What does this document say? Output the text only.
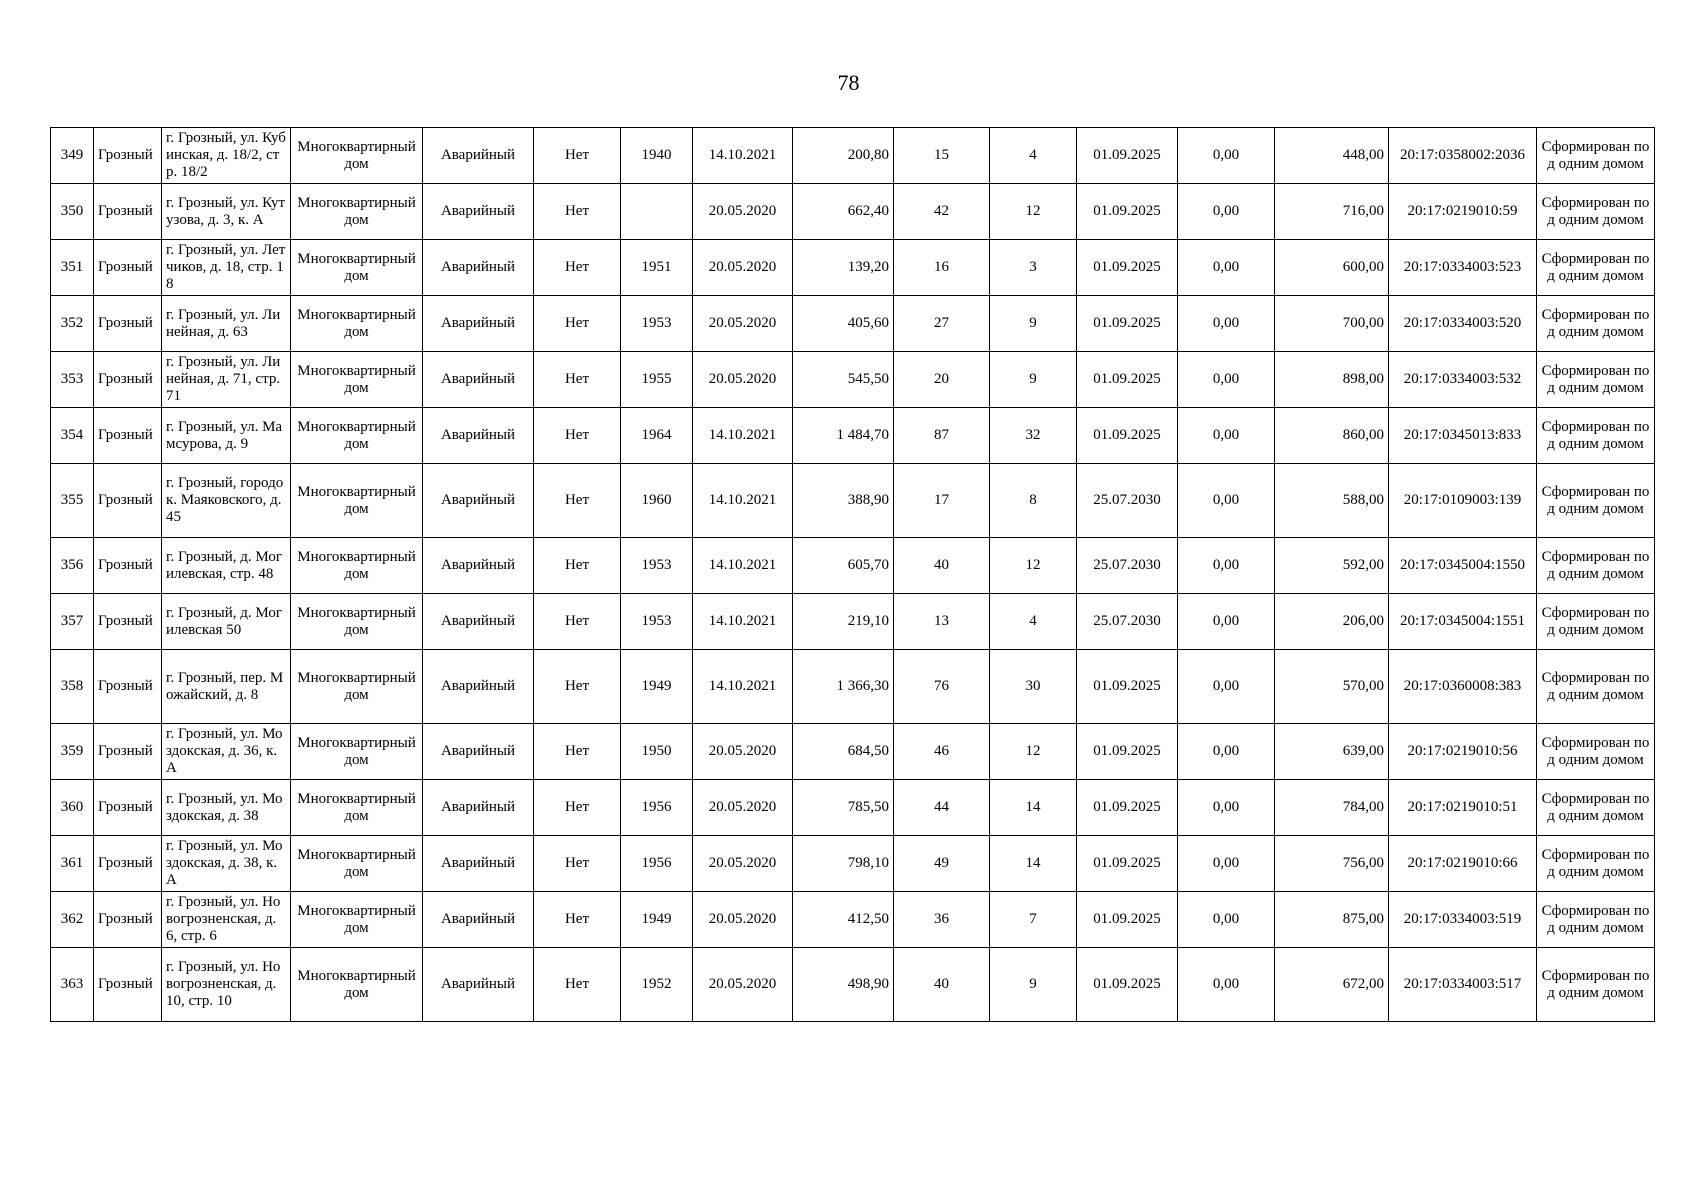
78
349	Грозный	г. Грозный, ул. Кубинская, д. 18/2, стр. 18/2	Многоквартирный дом	Аварийный	Нет	1940	14.10.2021	200,80	15	4	01.09.2025	0,00	448,00	20:17:0358002:2036	Сформирован под одним домом
350	Грозный	г. Грозный, ул. Кутузова, д. 3, к. А	Многоквартирный дом	Аварийный	Нет		20.05.2020	662,40	42	12	01.09.2025	0,00	716,00	20:17:0219010:59	Сформирован под одним домом
351	Грозный	г. Грозный, ул. Летчиков, д. 18, стр. 18	Многоквартирный дом	Аварийный	Нет	1951	20.05.2020	139,20	16	3	01.09.2025	0,00	600,00	20:17:0334003:523	Сформирован под одним домом
352	Грозный	г. Грозный, ул. Линейная, д. 63	Многоквартирный дом	Аварийный	Нет	1953	20.05.2020	405,60	27	9	01.09.2025	0,00	700,00	20:17:0334003:520	Сформирован под одним домом
353	Грозный	г. Грозный, ул. Линейная, д. 71, стр. 71	Многоквартирный дом	Аварийный	Нет	1955	20.05.2020	545,50	20	9	01.09.2025	0,00	898,00	20:17:0334003:532	Сформирован под одним домом
354	Грозный	г. Грозный, ул. Мамсурова, д. 9	Многоквартирный дом	Аварийный	Нет	1964	14.10.2021	1 484,70	87	32	01.09.2025	0,00	860,00	20:17:0345013:833	Сформирован под одним домом
355	Грозный	г. Грозный, городок. Маяковского, д. 45	Многоквартирный дом	Аварийный	Нет	1960	14.10.2021	388,90	17	8	25.07.2030	0,00	588,00	20:17:0109003:139	Сформирован под одним домом
356	Грозный	г. Грозный, д. Могилевская, стр. 48	Многоквартирный дом	Аварийный	Нет	1953	14.10.2021	605,70	40	12	25.07.2030	0,00	592,00	20:17:0345004:1550	Сформирован под одним домом
357	Грозный	г. Грозный, д. Могилевская 50	Многоквартирный дом	Аварийный	Нет	1953	14.10.2021	219,10	13	4	25.07.2030	0,00	206,00	20:17:0345004:1551	Сформирован под одним домом
358	Грозный	г. Грозный, пер. Можайский, д. 8	Многоквартирный дом	Аварийный	Нет	1949	14.10.2021	1 366,30	76	30	01.09.2025	0,00	570,00	20:17:0360008:383	Сформирован под одним домом
359	Грозный	г. Грозный, ул. Моздокская, д. 36, к. А	Многоквартирный дом	Аварийный	Нет	1950	20.05.2020	684,50	46	12	01.09.2025	0,00	639,00	20:17:0219010:56	Сформирован под одним домом
360	Грозный	г. Грозный, ул. Моздокская, д. 38	Многоквартирный дом	Аварийный	Нет	1956	20.05.2020	785,50	44	14	01.09.2025	0,00	784,00	20:17:0219010:51	Сформирован под одним домом
361	Грозный	г. Грозный, ул. Моздокская, д. 38, к. А	Многоквартирный дом	Аварийный	Нет	1956	20.05.2020	798,10	49	14	01.09.2025	0,00	756,00	20:17:0219010:66	Сформирован под одним домом
362	Грозный	г. Грозный, ул. Новогрозненская, д. 6, стр. 6	Многоквартирный дом	Аварийный	Нет	1949	20.05.2020	412,50	36	7	01.09.2025	0,00	875,00	20:17:0334003:519	Сформирован под одним домом
363	Грозный	г. Грозный, ул. Новогрозненская, д. 10, стр. 10	Многоквартирный дом	Аварийный	Нет	1952	20.05.2020	498,90	40	9	01.09.2025	0,00	672,00	20:17:0334003:517	Сформирован под одним домом
